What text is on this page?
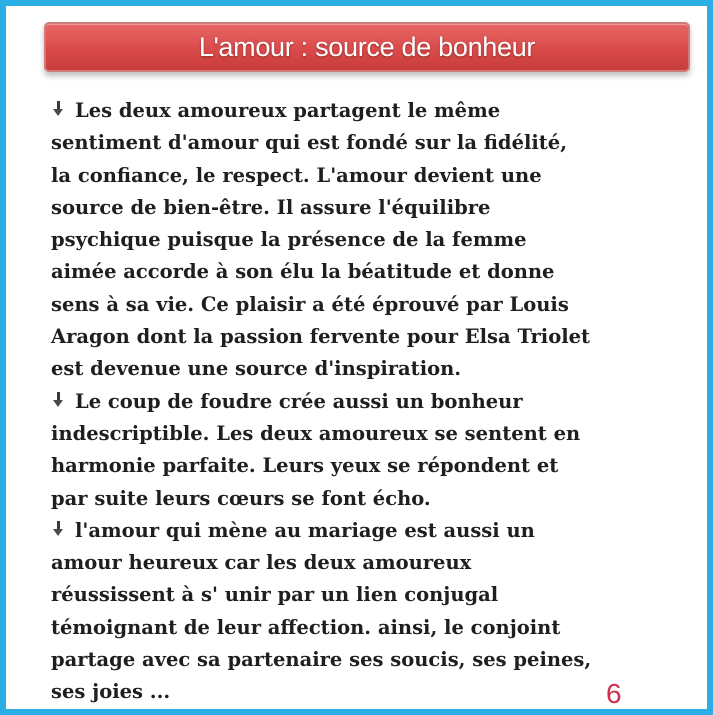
L'amour : source de bonheur

Les deux amoureux partagent le même
sentiment d'amour qui est fondé sur la fidélité,
la confiance, le respect. L'amour devient une
source de bien-être. Il assure l'équilibre
psychique puisque la présence de la femme
aimée accorde à son élu la béatitude et donne
sens à sa vie. Ce plaisir a été éprouvé par Louis
Aragon dont la passion fervente pour Elsa Triolet
est devenue une source d'inspiration.

Le coup de foudre crée aussi un bonheur
indescriptible. Les deux amoureux se sentent en
harmonie parfaite. Leurs yeux se répondent et
par suite leurs cœurs se font écho.

l'amour qui mène au mariage est aussi un
amour heureux car les deux amoureux
réussissent à s' unir par un lien conjugal
témoignant de leur affection. ainsi, le conjoint
partage avec sa partenaire ses soucis, ses peines,
ses joies ...	6
